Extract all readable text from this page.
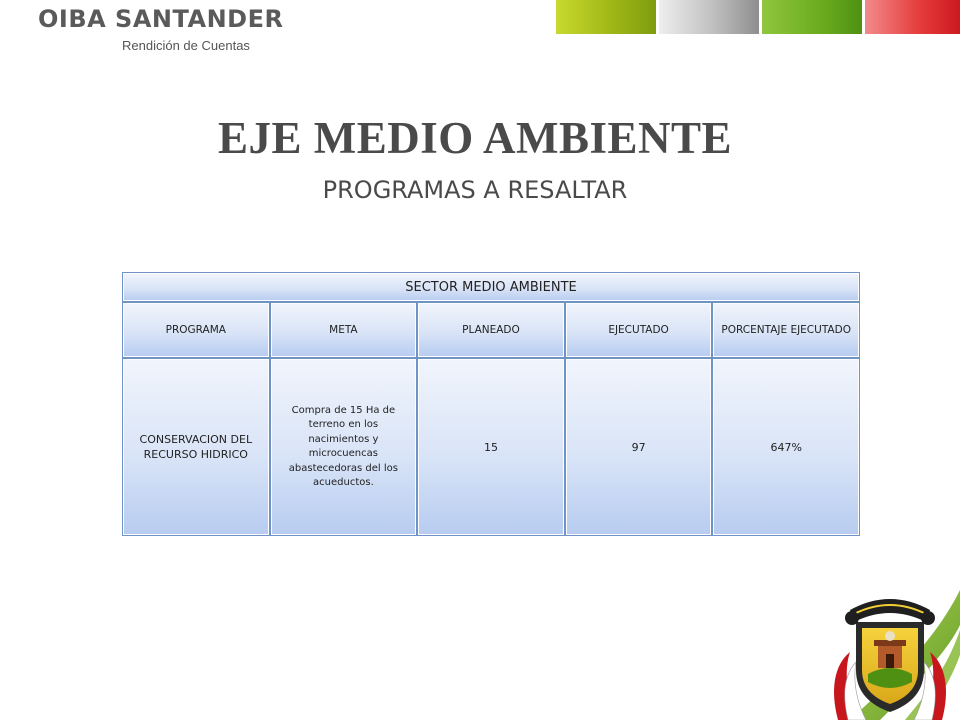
OIBA SANTANDER
Rendición de Cuentas
EJE MEDIO AMBIENTE
PROGRAMAS A RESALTAR
SECTOR MEDIO AMBIENTE				
PROGRAMA	META	PLANEADO	EJECUTADO	PORCENTAJE EJECUTADO
CONSERVACION DEL RECURSO HIDRICO	Compra de 15 Ha de terreno en los nacimientos y microcuencas abastecedoras del los acueductos.	15	97	647%
